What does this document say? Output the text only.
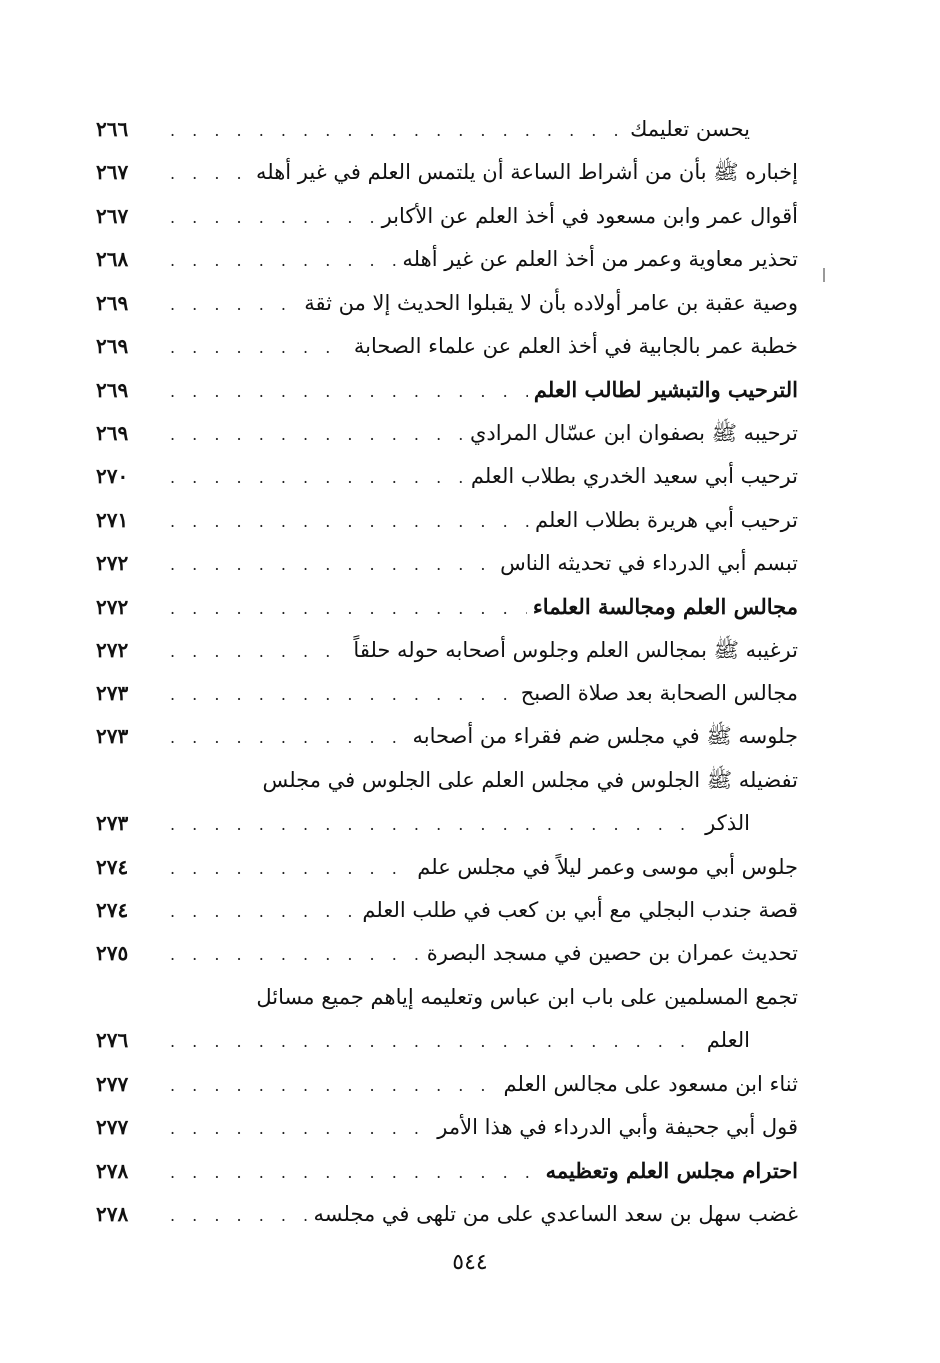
يحسن تعليمك
. . .
٢٦٦
إخباره ﷺ بأن من أشراط الساعة أن يلتمس العلم في غير أهله
. . .
٢٦٧
أقوال عمر وابن مسعود في أخذ العلم عن الأكابر
. . .
٢٦٧
تحذير معاوية وعمر من أخذ العلم عن غير أهله
. . .
٢٦٨
وصية عقبة بن عامر أولاده بأن لا يقبلوا الحديث إلا من ثقة
. . .
٢٦٩
خطبة عمر بالجابية في أخذ العلم عن علماء الصحابة
. . .
٢٦٩
الترحيب والتبشير لطالب العلم
. . .
٢٦٩
ترحيبه ﷺ بصفوان ابن عسّال المرادي
. . .
٢٦٩
ترحيب أبي سعيد الخدري بطلاب العلم
. . .
٢٧٠
ترحيب أبي هريرة بطلاب العلم
. . .
٢٧١
تبسم أبي الدرداء في تحديثه الناس
. . .
٢٧٢
مجالس العلم ومجالسة العلماء
. . .
٢٧٢
ترغيبه ﷺ بمجالس العلم وجلوس أصحابه حوله حلقاً
. . .
٢٧٢
مجالس الصحابة بعد صلاة الصبح
. . .
٢٧٣
جلوسه ﷺ في مجلس ضم فقراء من أصحابه
. . .
٢٧٣
تفضيله ﷺ الجلوس في مجلس العلم على الجلوس في مجلس
الذكر
. . .
٢٧٣
جلوس أبي موسى وعمر ليلاً في مجلس علم
. . .
٢٧٤
قصة جندب البجلي مع أبي بن كعب في طلب العلم
. . .
٢٧٤
تحديث عمران بن حصين في مسجد البصرة
. . .
٢٧٥
تجمع المسلمين على باب ابن عباس وتعليمه إياهم جميع مسائل
العلم
. . .
٢٧٦
ثناء ابن مسعود على مجالس العلم
. . .
٢٧٧
قول أبي جحيفة وأبي الدرداء في هذا الأمر
. . .
٢٧٧
احترام مجلس العلم وتعظيمه
. . .
٢٧٨
غضب سهل بن سعد الساعدي على من تلهى في مجلسه
. . .
٢٧٨
٥٤٤
